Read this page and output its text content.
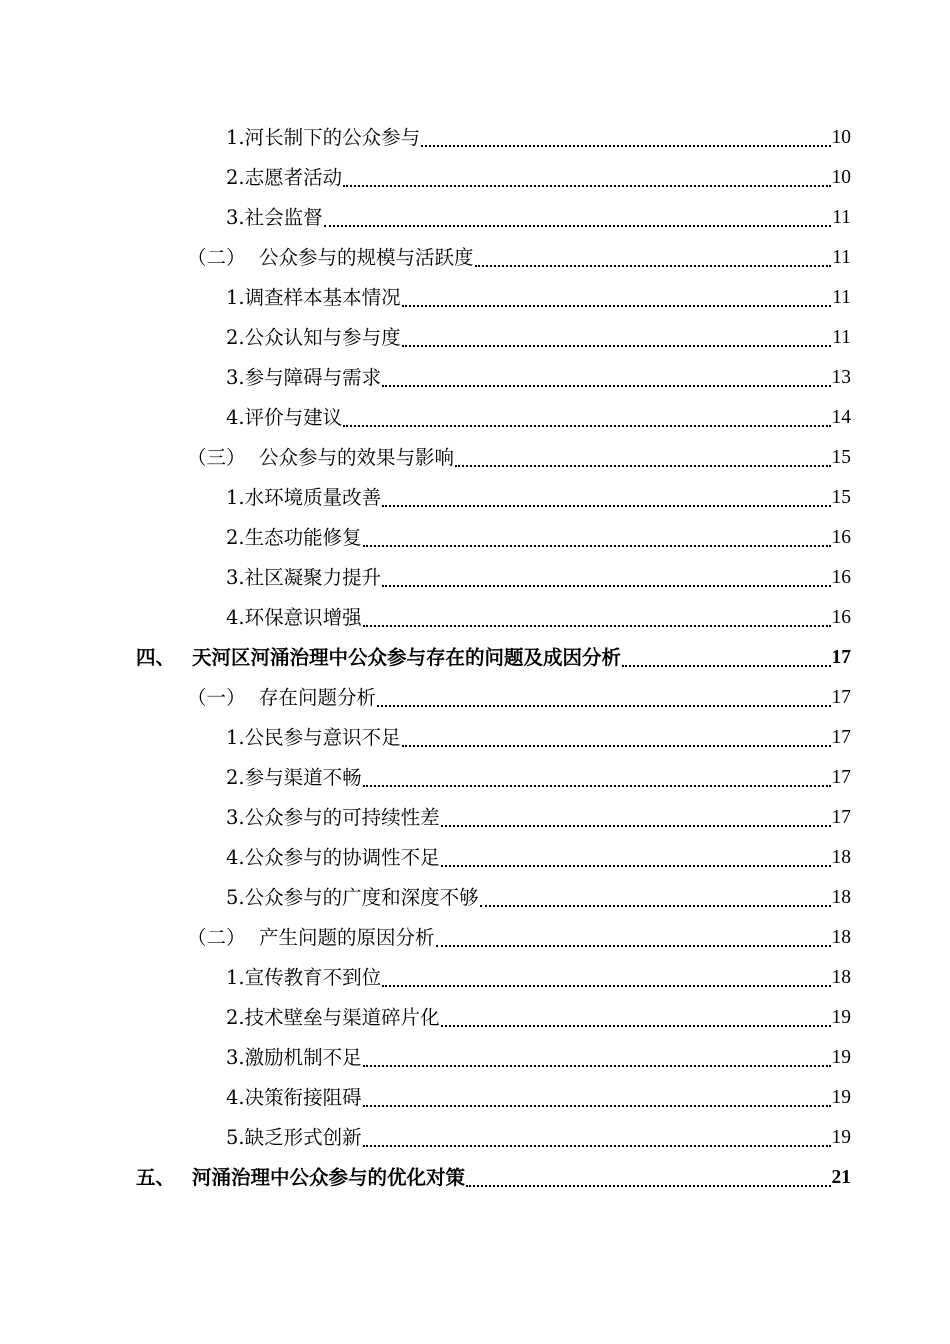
1. 河长制下的公众参与	10
2. 志愿者活动	10
3. 社会监督	11
（二） 公众参与的规模与活跃度	11
1. 调查样本基本情况	11
2. 公众认知与参与度	11
3. 参与障碍与需求	13
4. 评价与建议	14
（三） 公众参与的效果与影响	15
1. 水环境质量改善	15
2. 生态功能修复	16
3. 社区凝聚力提升	16
4. 环保意识增强	16
四、 天河区河涌治理中公众参与存在的问题及成因分析	17
（一） 存在问题分析	17
1. 公民参与意识不足	17
2. 参与渠道不畅	17
3. 公众参与的可持续性差	17
4. 公众参与的协调性不足	18
5. 公众参与的广度和深度不够	18
（二） 产生问题的原因分析	18
1. 宣传教育不到位	18
2. 技术壁垒与渠道碎片化	19
3. 激励机制不足	19
4. 决策衔接阻碍	19
5. 缺乏形式创新	19
五、 河涌治理中公众参与的优化对策	21
